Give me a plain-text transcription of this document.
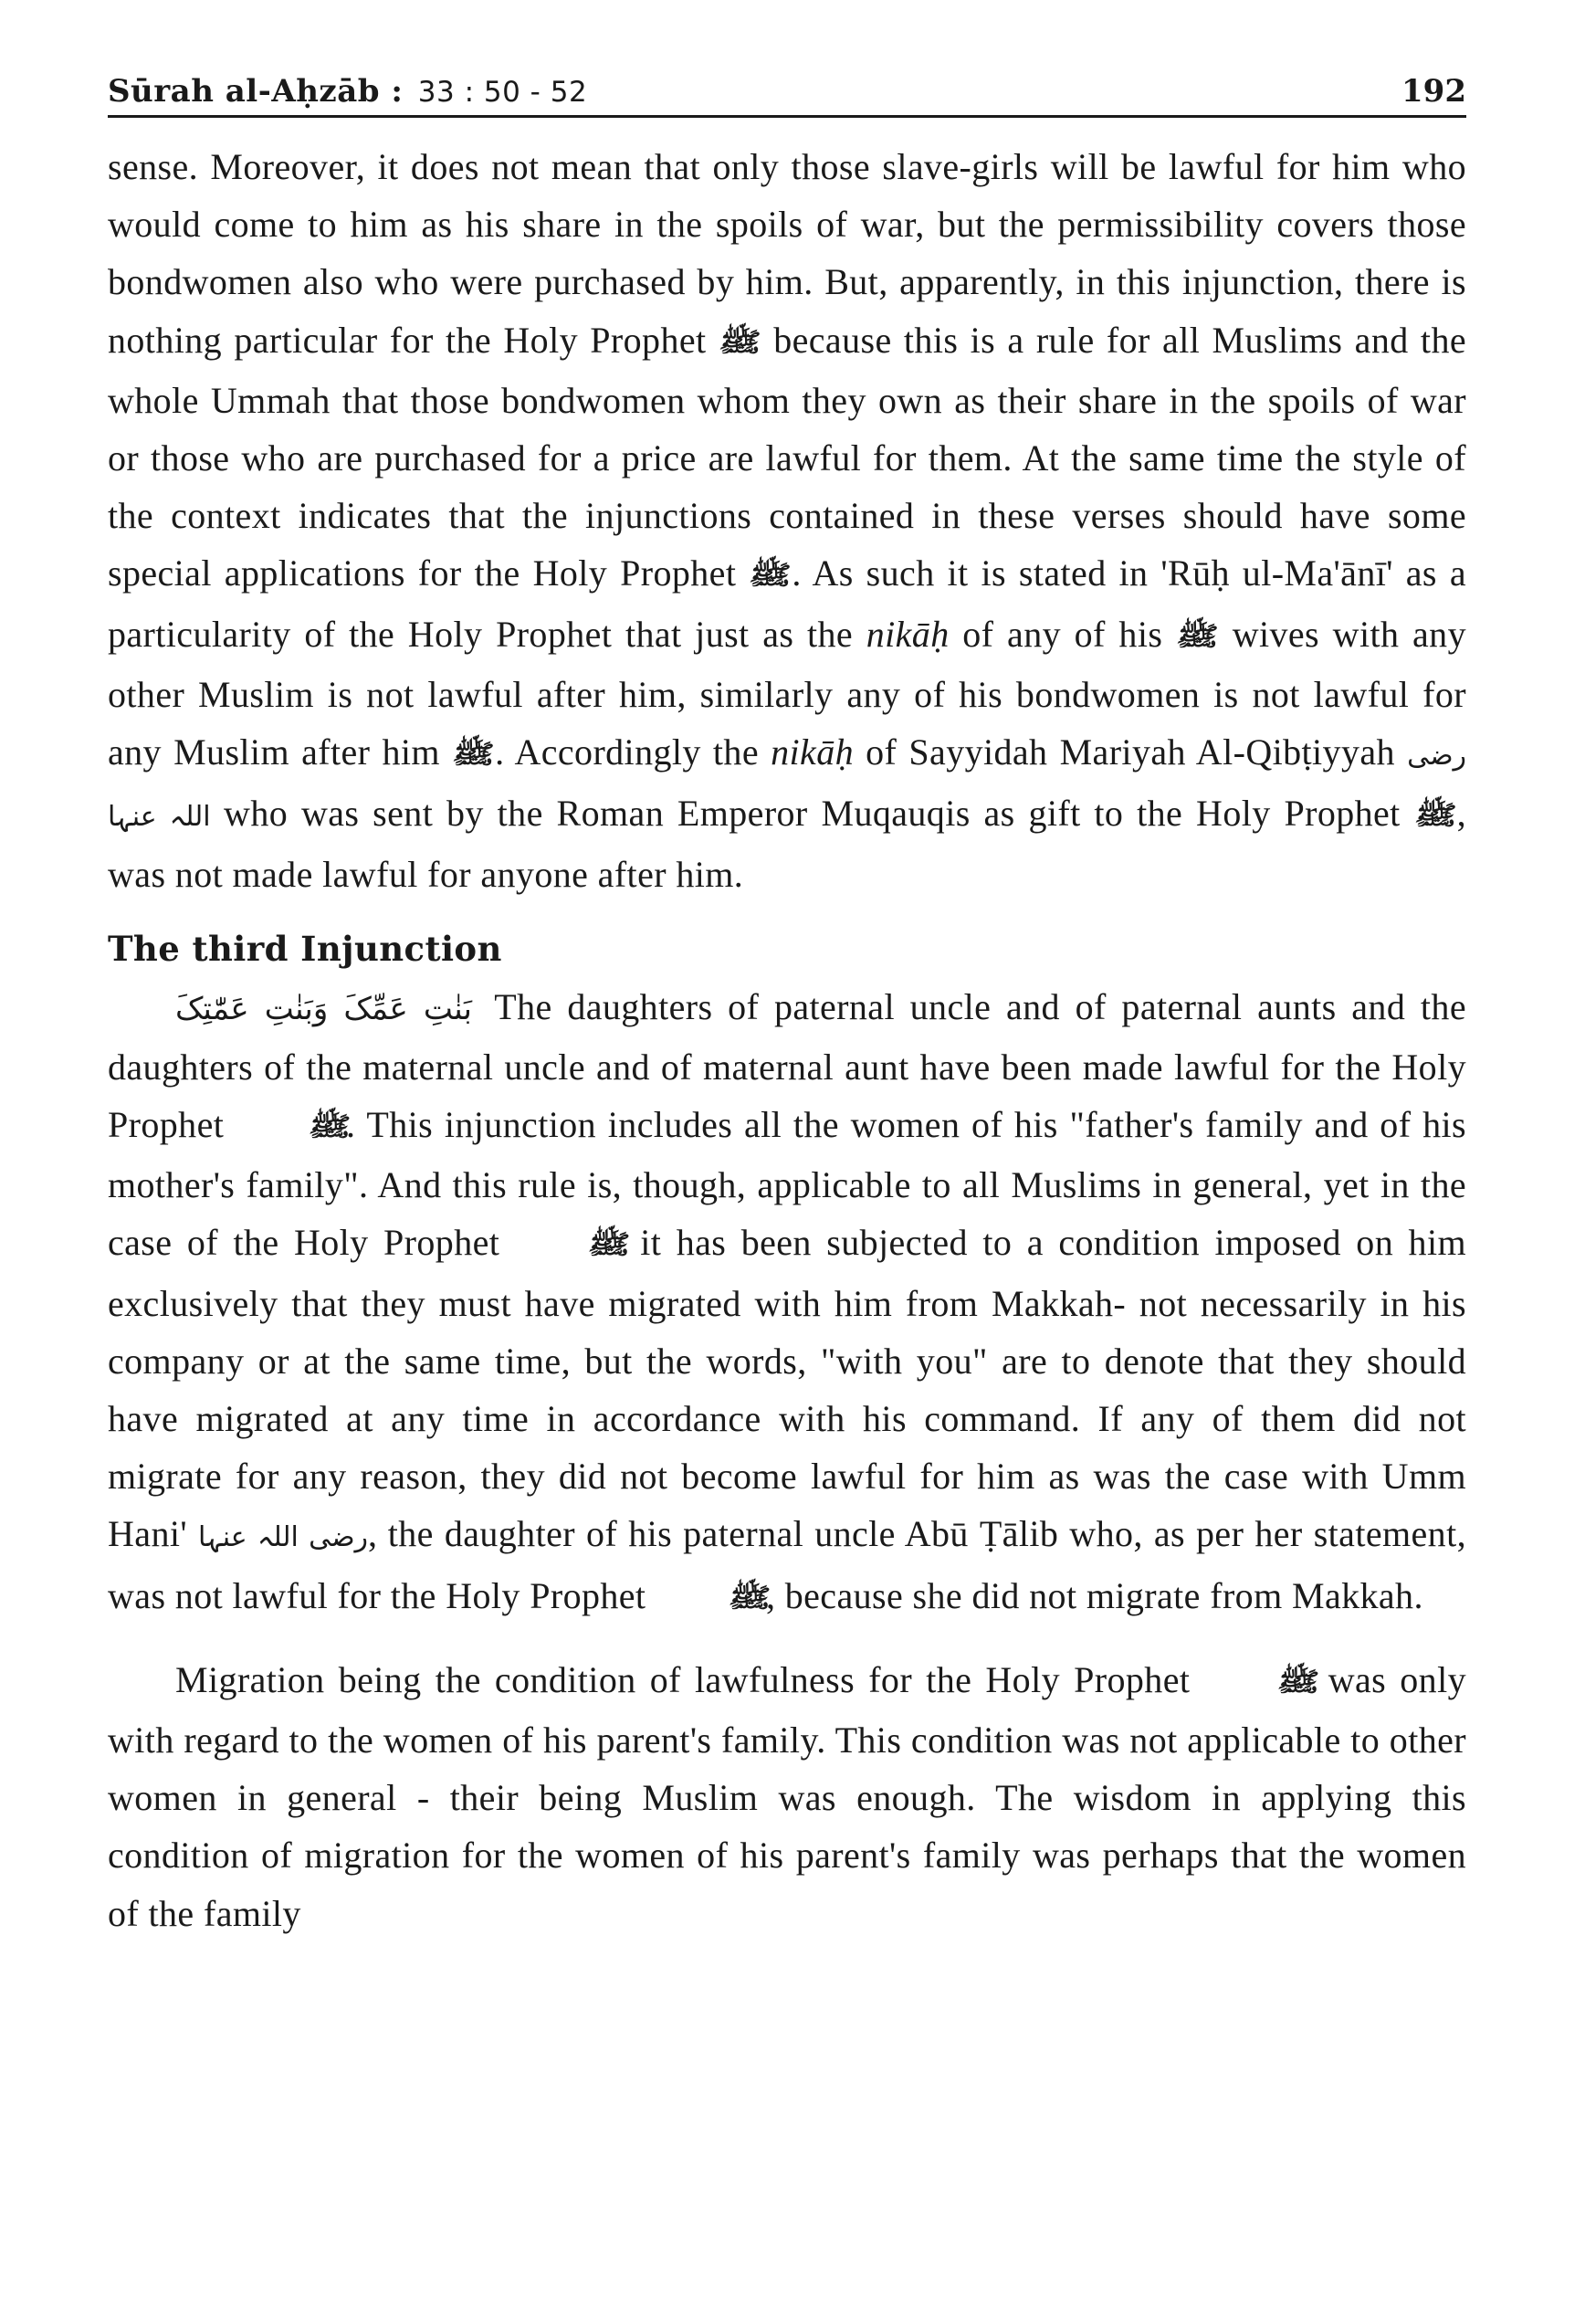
Sūrah al-Aḥzāb : 33 : 50 - 52	192

sense. Moreover, it does not mean that only those slave-girls will be lawful for him who would come to him as his share in the spoils of war, but the permissibility covers those bondwomen also who were purchased by him. But, apparently, in this injunction, there is nothing particular for the Holy Prophet ﷺ because this is a rule for all Muslims and the whole Ummah that those bondwomen whom they own as their share in the spoils of war or those who are purchased for a price are lawful for them. At the same time the style of the context indicates that the injunctions contained in these verses should have some special applications for the Holy Prophet ﷺ. As such it is stated in 'Rūḥ ul-Ma'ānī' as a particularity of the Holy Prophet that just as the nikāḥ of any of his ﷺ wives with any other Muslim is not lawful after him, similarly any of his bondwomen is not lawful for any Muslim after him ﷺ. Accordingly the nikāḥ of Sayyidah Mariyah Al-Qibṭiyyah رضی اللہ عنہا who was sent by the Roman Emperor Muqauqis as gift to the Holy Prophet ﷺ, was not made lawful for anyone after him.

The third Injunction

بَنٰتِ عَمِّکَ وَبَنٰتِ عَمّٰتِکَ The daughters of paternal uncle and of paternal aunts and the daughters of the maternal uncle and of maternal aunt have been made lawful for the Holy Prophet	ﷺ. This injunction includes all the women of his "father's family and of his mother's family". And this rule is, though, applicable to all Muslims in general, yet in the case of the Holy Prophet	ﷺ it has been subjected to a condition imposed on him exclusively that they must have migrated with him from Makkah- not necessarily in his company or at the same time, but the words, "with you" are to denote that they should have migrated at any time in accordance with his command. If any of them did not migrate for any reason, they did not become lawful for him as was the case with Umm Hani' رضی اللہ عنہا, the daughter of his paternal uncle Abū Ṭālib who, as per her statement, was not lawful for the Holy Prophet	ﷺ, because she did not migrate from Makkah.

Migration being the condition of lawfulness for the Holy Prophet	ﷺ was only with regard to the women of his parent's family. This condition was not applicable to other women in general - their being Muslim was enough. The wisdom in applying this condition of migration for the women of his parent's family was perhaps that the women of the family
